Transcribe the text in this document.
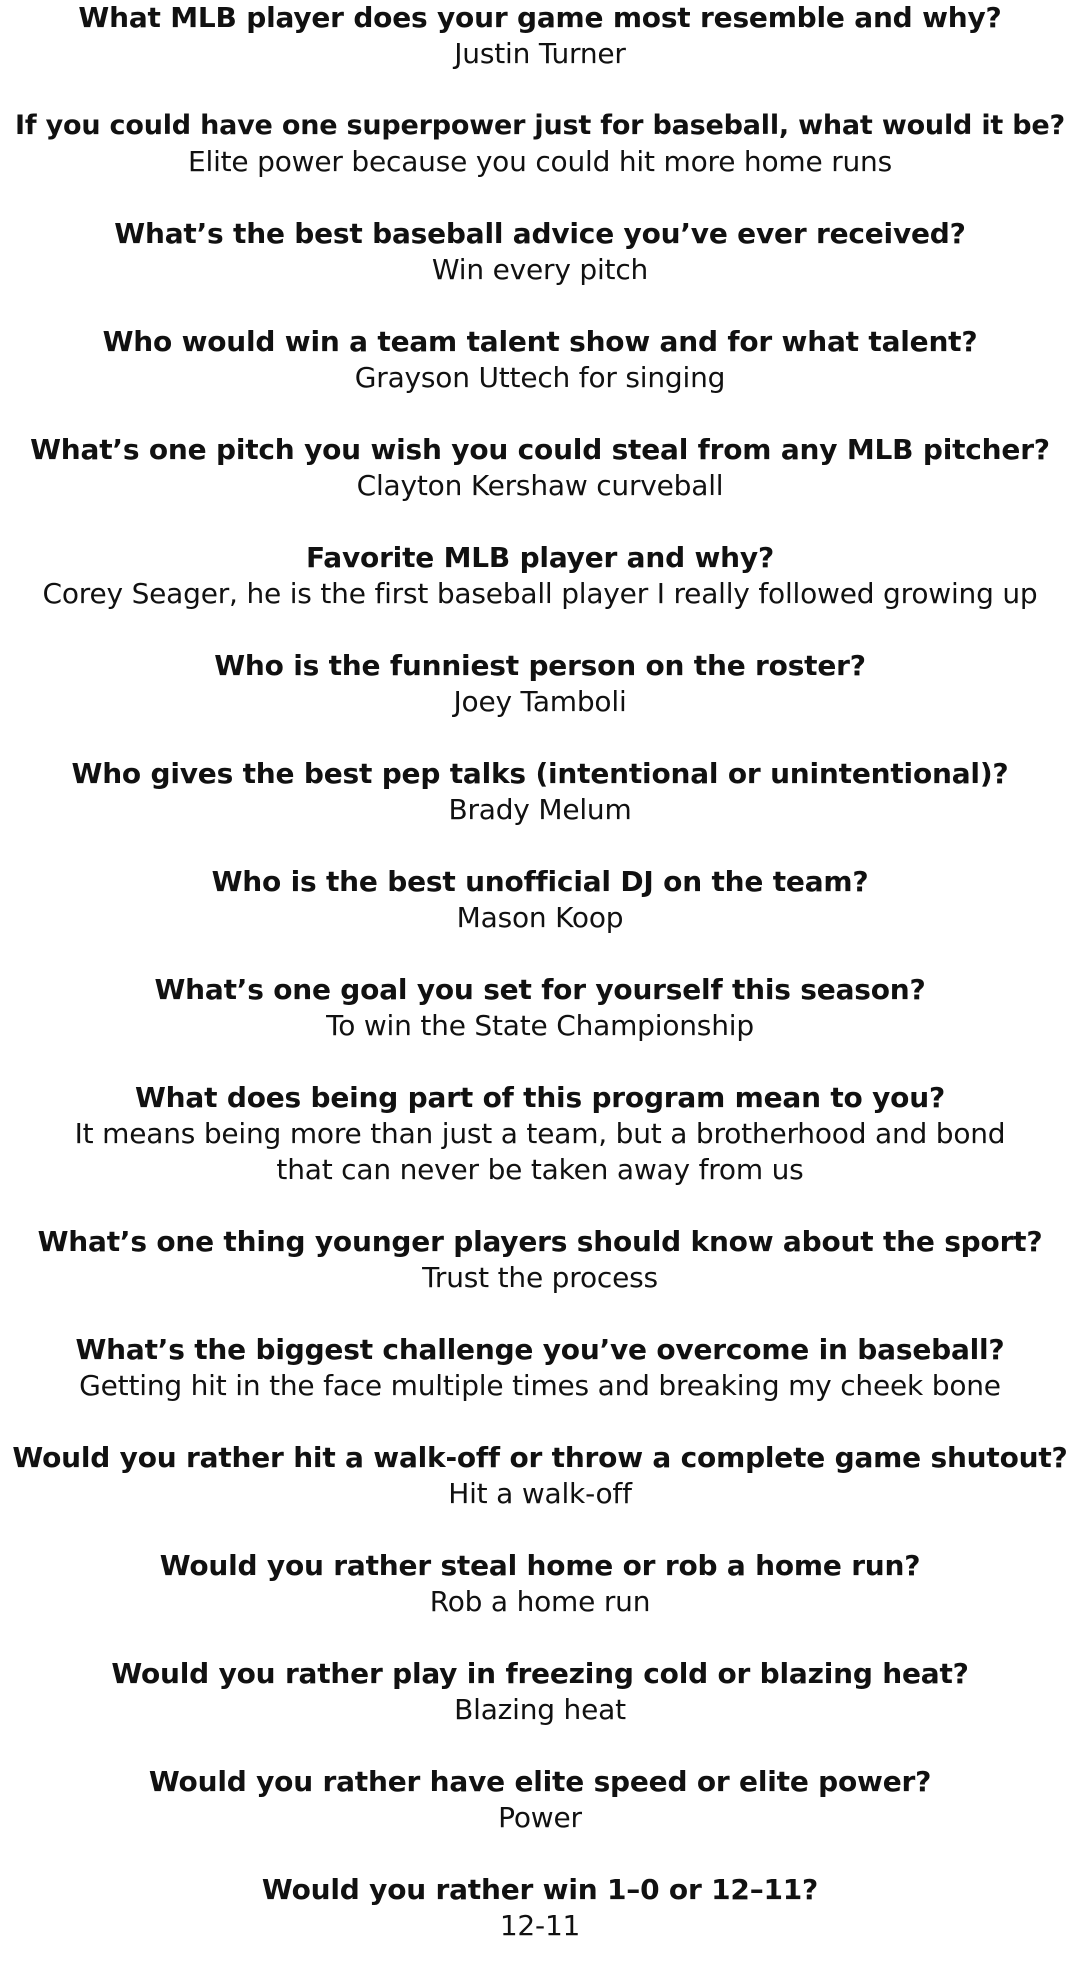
What MLB player does your game most resemble and why?
Justin Turner
If you could have one superpower just for baseball, what would it be?
Elite power because you could hit more home runs
What’s the best baseball advice you’ve ever received?
Win every pitch
Who would win a team talent show and for what talent?
Grayson Uttech for singing
What’s one pitch you wish you could steal from any MLB pitcher?
Clayton Kershaw curveball
Favorite MLB player and why?
Corey Seager, he is the first baseball player I really followed growing up
Who is the funniest person on the roster?
Joey Tamboli
Who gives the best pep talks (intentional or unintentional)?
Brady Melum
Who is the best unofficial DJ on the team?
Mason Koop
What’s one goal you set for yourself this season?
To win the State Championship
What does being part of this program mean to you?
It means being more than just a team, but a brotherhood and bond
that can never be taken away from us
What’s one thing younger players should know about the sport?
Trust the process
What’s the biggest challenge you’ve overcome in baseball?
Getting hit in the face multiple times and breaking my cheek bone
Would you rather hit a walk-off or throw a complete game shutout?
Hit a walk-off
Would you rather steal home or rob a home run?
Rob a home run
Would you rather play in freezing cold or blazing heat?
Blazing heat
Would you rather have elite speed or elite power?
Power
Would you rather win 1–0 or 12–11?
12-11
